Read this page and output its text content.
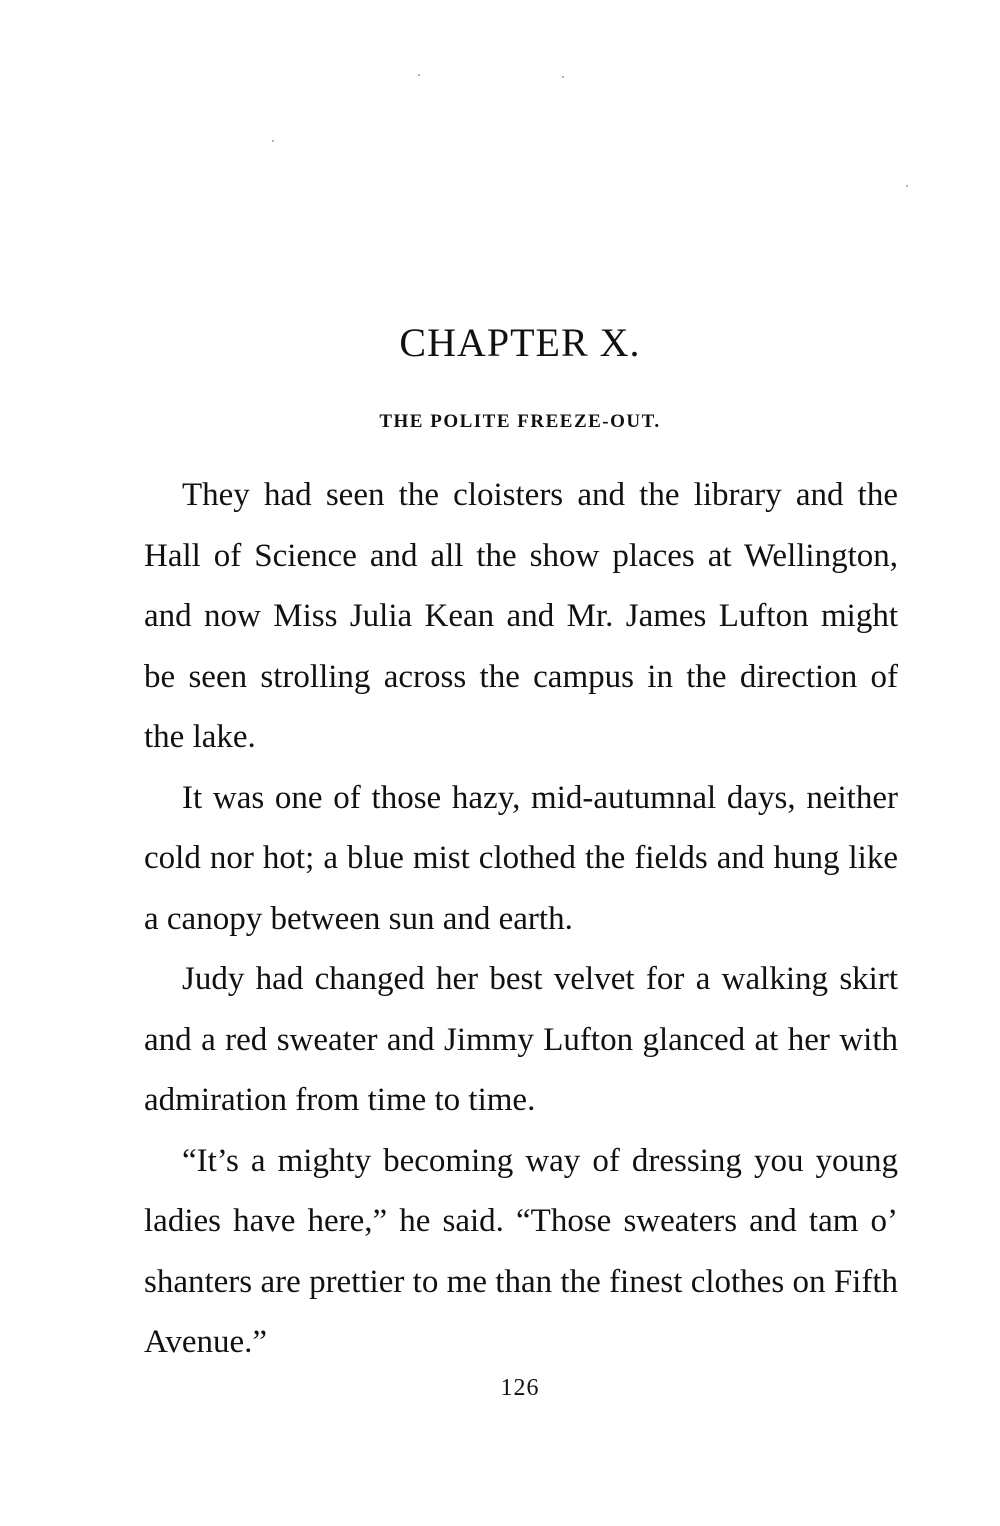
CHAPTER X.
THE POLITE FREEZE-OUT.

They had seen the cloisters and the library and the Hall of Science and all the show places at Wellington, and now Miss Julia Kean and Mr. James Lufton might be seen strolling across the campus in the direction of the lake.

It was one of those hazy, mid-autumnal days, neither cold nor hot; a blue mist clothed the fields and hung like a canopy between sun and earth.

Judy had changed her best velvet for a walking skirt and a red sweater and Jimmy Lufton glanced at her with admiration from time to time.

“It’s a mighty becoming way of dressing you young ladies have here,” he said. “Those sweaters and tam o’ shanters are prettier to me than the finest clothes on Fifth Avenue.”

126
